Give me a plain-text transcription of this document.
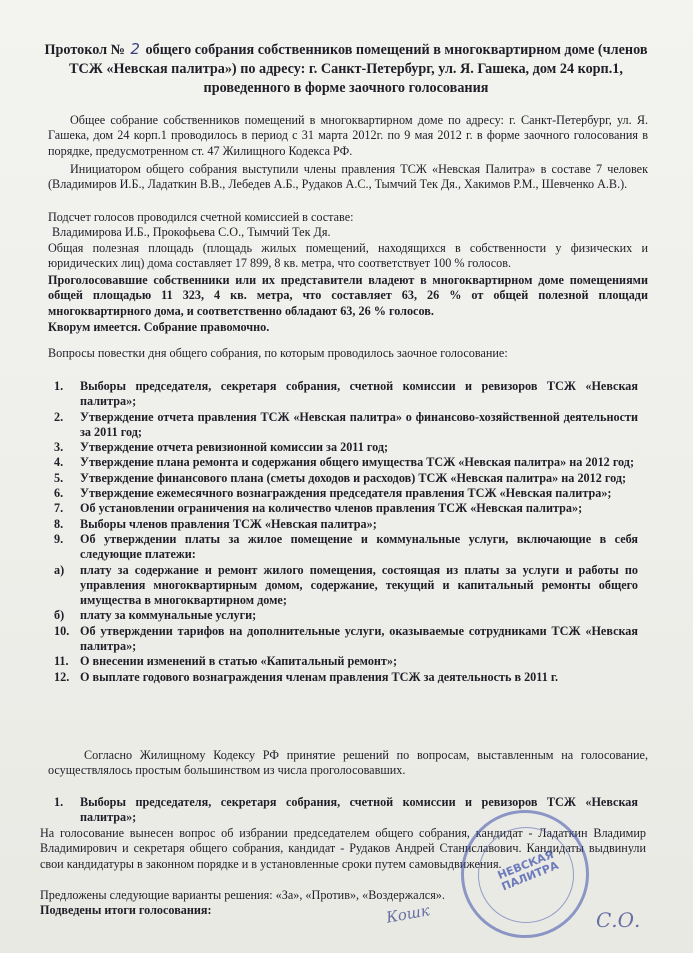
Протокол № 2 общего собрания собственников помещений в многоквартирном доме (членов ТСЖ «Невская палитра») по адресу: г. Санкт-Петербург, ул. Я. Гашека, дом 24 корп.1, проведенного в форме заочного голосования
Общее собрание собственников помещений в многоквартирном доме по адресу: г. Санкт-Петербург, ул. Я. Гашека, дом 24 корп.1 проводилось в период с 31 марта 2012г. по 9 мая 2012 г. в форме заочного голосования в порядке, предусмотренном ст. 47 Жилищного Кодекса РФ.
Инициатором общего собрания выступили члены правления ТСЖ «Невская Палитра» в составе 7 человек (Владимиров И.Б., Ладаткин В.В., Лебедев А.Б., Рудаков А.С., Тымчий Тек Дя., Хакимов Р.М., Шевченко А.В.).
Подсчет голосов проводился счетной комиссией в составе:
Владимирова И.Б., Прокофьева С.О., Тымчий Тек Дя.
Общая полезная площадь (площадь жилых помещений, находящихся в собственности у физических и юридических лиц) дома составляет 17 899, 8 кв. метра, что соответствует 100 % голосов.
Проголосовавшие собственники или их представители владеют в многоквартирном доме помещениями общей площадью 11 323, 4 кв. метра, что составляет 63, 26 % от общей полезной площади многоквартирного дома, и соответственно обладают 63, 26 % голосов.
Кворум имеется. Собрание правомочно.
Вопросы повестки дня общего собрания, по которым проводилось заочное голосование:
1. Выборы председателя, секретаря собрания, счетной комиссии и ревизоров ТСЖ «Невская палитра»;
2. Утверждение отчета правления ТСЖ «Невская палитра» о финансово-хозяйственной деятельности за 2011 год;
3. Утверждение отчета ревизионной комиссии за 2011 год;
4. Утверждение плана ремонта и содержания общего имущества ТСЖ «Невская палитра» на 2012 год;
5. Утверждение финансового плана (сметы доходов и расходов) ТСЖ «Невская палитра» на 2012 год;
6. Утверждение ежемесячного вознаграждения председателя правления ТСЖ «Невская палитра»;
7. Об установлении ограничения на количество членов правления ТСЖ «Невская палитра»;
8. Выборы членов правления ТСЖ «Невская палитра»;
9. Об утверждении платы за жилое помещение и коммунальные услуги, включающие в себя следующие платежи:
а) плату за содержание и ремонт жилого помещения, состоящая из платы за услуги и работы по управления многоквартирным домом, содержание, текущий и капитальный ремонты общего имущества в многоквартирном доме;
б) плату за коммунальные услуги;
10. Об утверждении тарифов на дополнительные услуги, оказываемые сотрудниками ТСЖ «Невская палитра»;
11. О внесении изменений в статью «Капитальный ремонт»;
12. О выплате годового вознаграждения членам правления ТСЖ за деятельность в 2011 г.
Согласно Жилищному Кодексу РФ принятие решений по вопросам, выставленным на голосование, осуществлялось простым большинством из числа проголосовавших.
1. Выборы председателя, секретаря собрания, счетной комиссии и ревизоров ТСЖ «Невская палитра»;
На голосование вынесен вопрос об избрании председателем общего собрания, кандидат - Ладаткин Владимир Владимирович и секретаря общего собрания, кандидат - Рудаков Андрей Станиславович. Кандидаты выдвинули свои кандидатуры в законном порядке и в установленные сроки путем самовыдвижения.
Предложены следующие варианты решения: «За», «Против», «Воздержался».
Подведены итоги голосования:
НЕВСКАЯ ПАЛИТРА
Кошк	С.О.
